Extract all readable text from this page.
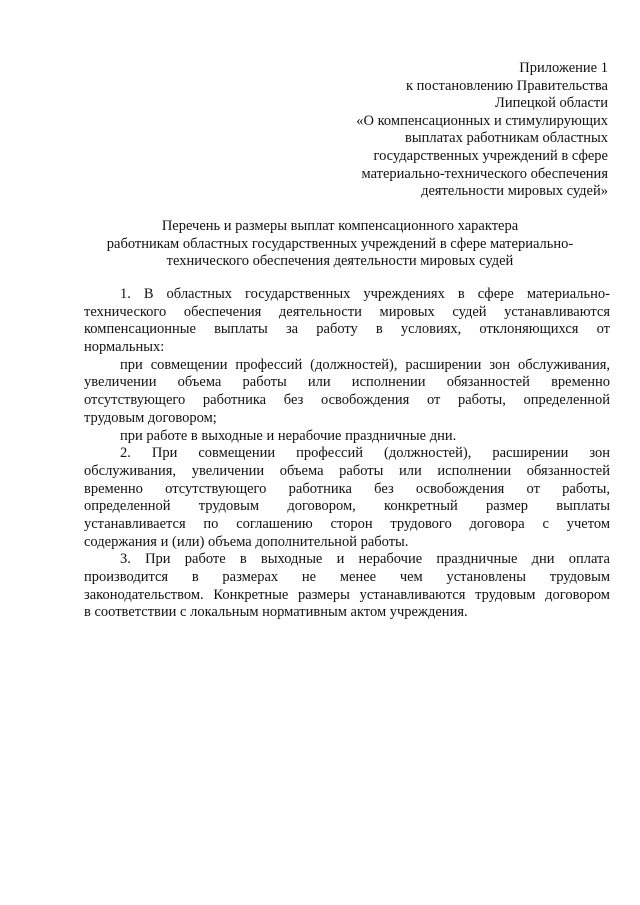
Приложение 1
к постановлению Правительства
Липецкой области
«О компенсационных и стимулирующих
выплатах работникам областных
государственных учреждений в сфере
материально-технического обеспечения
деятельности мировых судей»
Перечень и размеры выплат компенсационного характера
работникам областных государственных учреждений в сфере материально-
технического обеспечения деятельности мировых судей
1. В областных государственных учреждениях в сфере материально-
технического обеспечения деятельности мировых судей устанавливаются
компенсационные выплаты за работу в условиях, отклоняющихся от
нормальных:
при совмещении профессий (должностей), расширении зон обслуживания,
увеличении объема работы или исполнении обязанностей временно
отсутствующего работника без освобождения от работы, определенной
трудовым договором;
при работе в выходные и нерабочие праздничные дни.
2. При совмещении профессий (должностей), расширении зон
обслуживания, увеличении объема работы или исполнении обязанностей
временно отсутствующего работника без освобождения от работы,
определенной трудовым договором, конкретный размер выплаты
устанавливается по соглашению сторон трудового договора с учетом
содержания и (или) объема дополнительной работы.
3. При работе в выходные и нерабочие праздничные дни оплата
производится в размерах не менее чем установлены трудовым
законодательством. Конкретные размеры устанавливаются трудовым договором
в соответствии с локальным нормативным актом учреждения.
